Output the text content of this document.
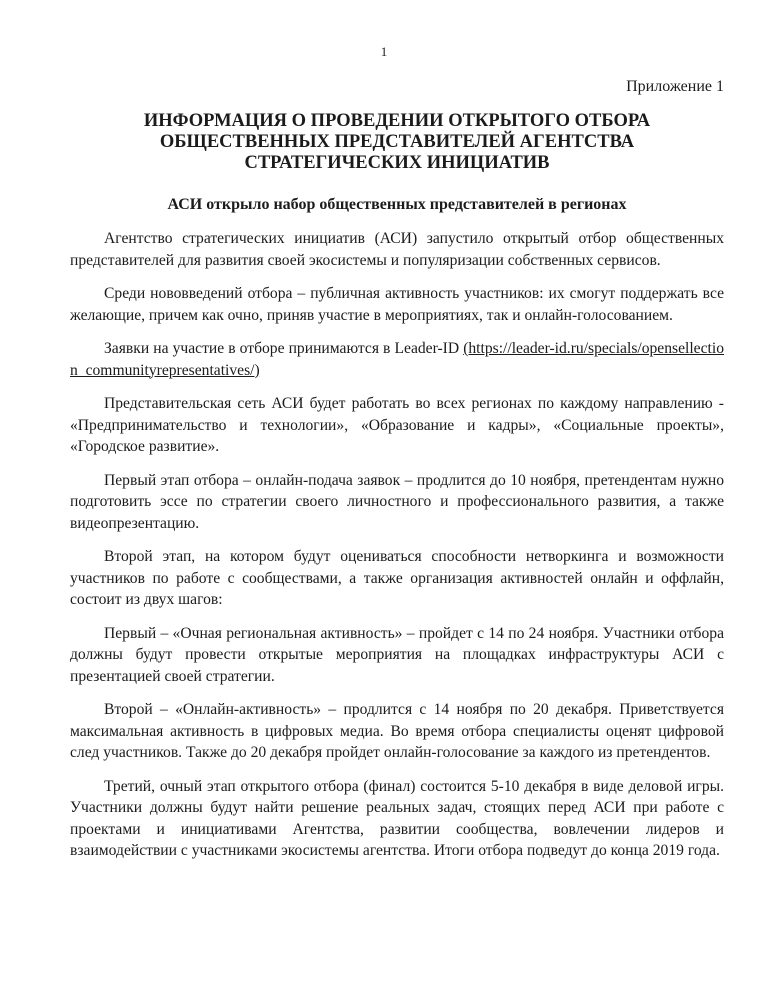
1
Приложение 1
ИНФОРМАЦИЯ О ПРОВЕДЕНИИ ОТКРЫТОГО ОТБОРА
ОБЩЕСТВЕННЫХ ПРЕДСТАВИТЕЛЕЙ АГЕНТСТВА
СТРАТЕГИЧЕСКИХ ИНИЦИАТИВ
АСИ открыло набор общественных представителей в регионах

Агентство стратегических инициатив (АСИ) запустило открытый отбор общественных представителей для развития своей экосистемы и популяризации собственных сервисов.

Среди нововведений отбора – публичная активность участников: их смогут поддержать все желающие, причем как очно, приняв участие в мероприятиях, так и онлайн-голосованием.

Заявки на участие в отборе принимаются в Leader-ID (https://leader-id.ru/specials/opensellection_communityrepresentatives/)

Представительская сеть АСИ будет работать во всех регионах по каждому направлению - «Предпринимательство и технологии», «Образование и кадры», «Социальные проекты», «Городское развитие».

Первый этап отбора – онлайн-подача заявок – продлится до 10 ноября, претендентам нужно подготовить эссе по стратегии своего личностного и профессионального развития, а также видеопрезентацию.

Второй этап, на котором будут оцениваться способности нетворкинга и возможности участников по работе с сообществами, а также организация активностей онлайн и оффлайн, состоит из двух шагов:

Первый – «Очная региональная активность» – пройдет с 14 по 24 ноября. Участники отбора должны будут провести открытые мероприятия на площадках инфраструктуры АСИ с презентацией своей стратегии.

Второй – «Онлайн-активность» – продлится с 14 ноября по 20 декабря. Приветствуется максимальная активность в цифровых медиа. Во время отбора специалисты оценят цифровой след участников. Также до 20 декабря пройдет онлайн-голосование за каждого из претендентов.

Третий, очный этап открытого отбора (финал) состоится 5-10 декабря в виде деловой игры. Участники должны будут найти решение реальных задач, стоящих перед АСИ при работе с проектами и инициативами Агентства, развитии сообщества, вовлечении лидеров и взаимодействии с участниками экосистемы агентства. Итоги отбора подведут до конца 2019 года.
